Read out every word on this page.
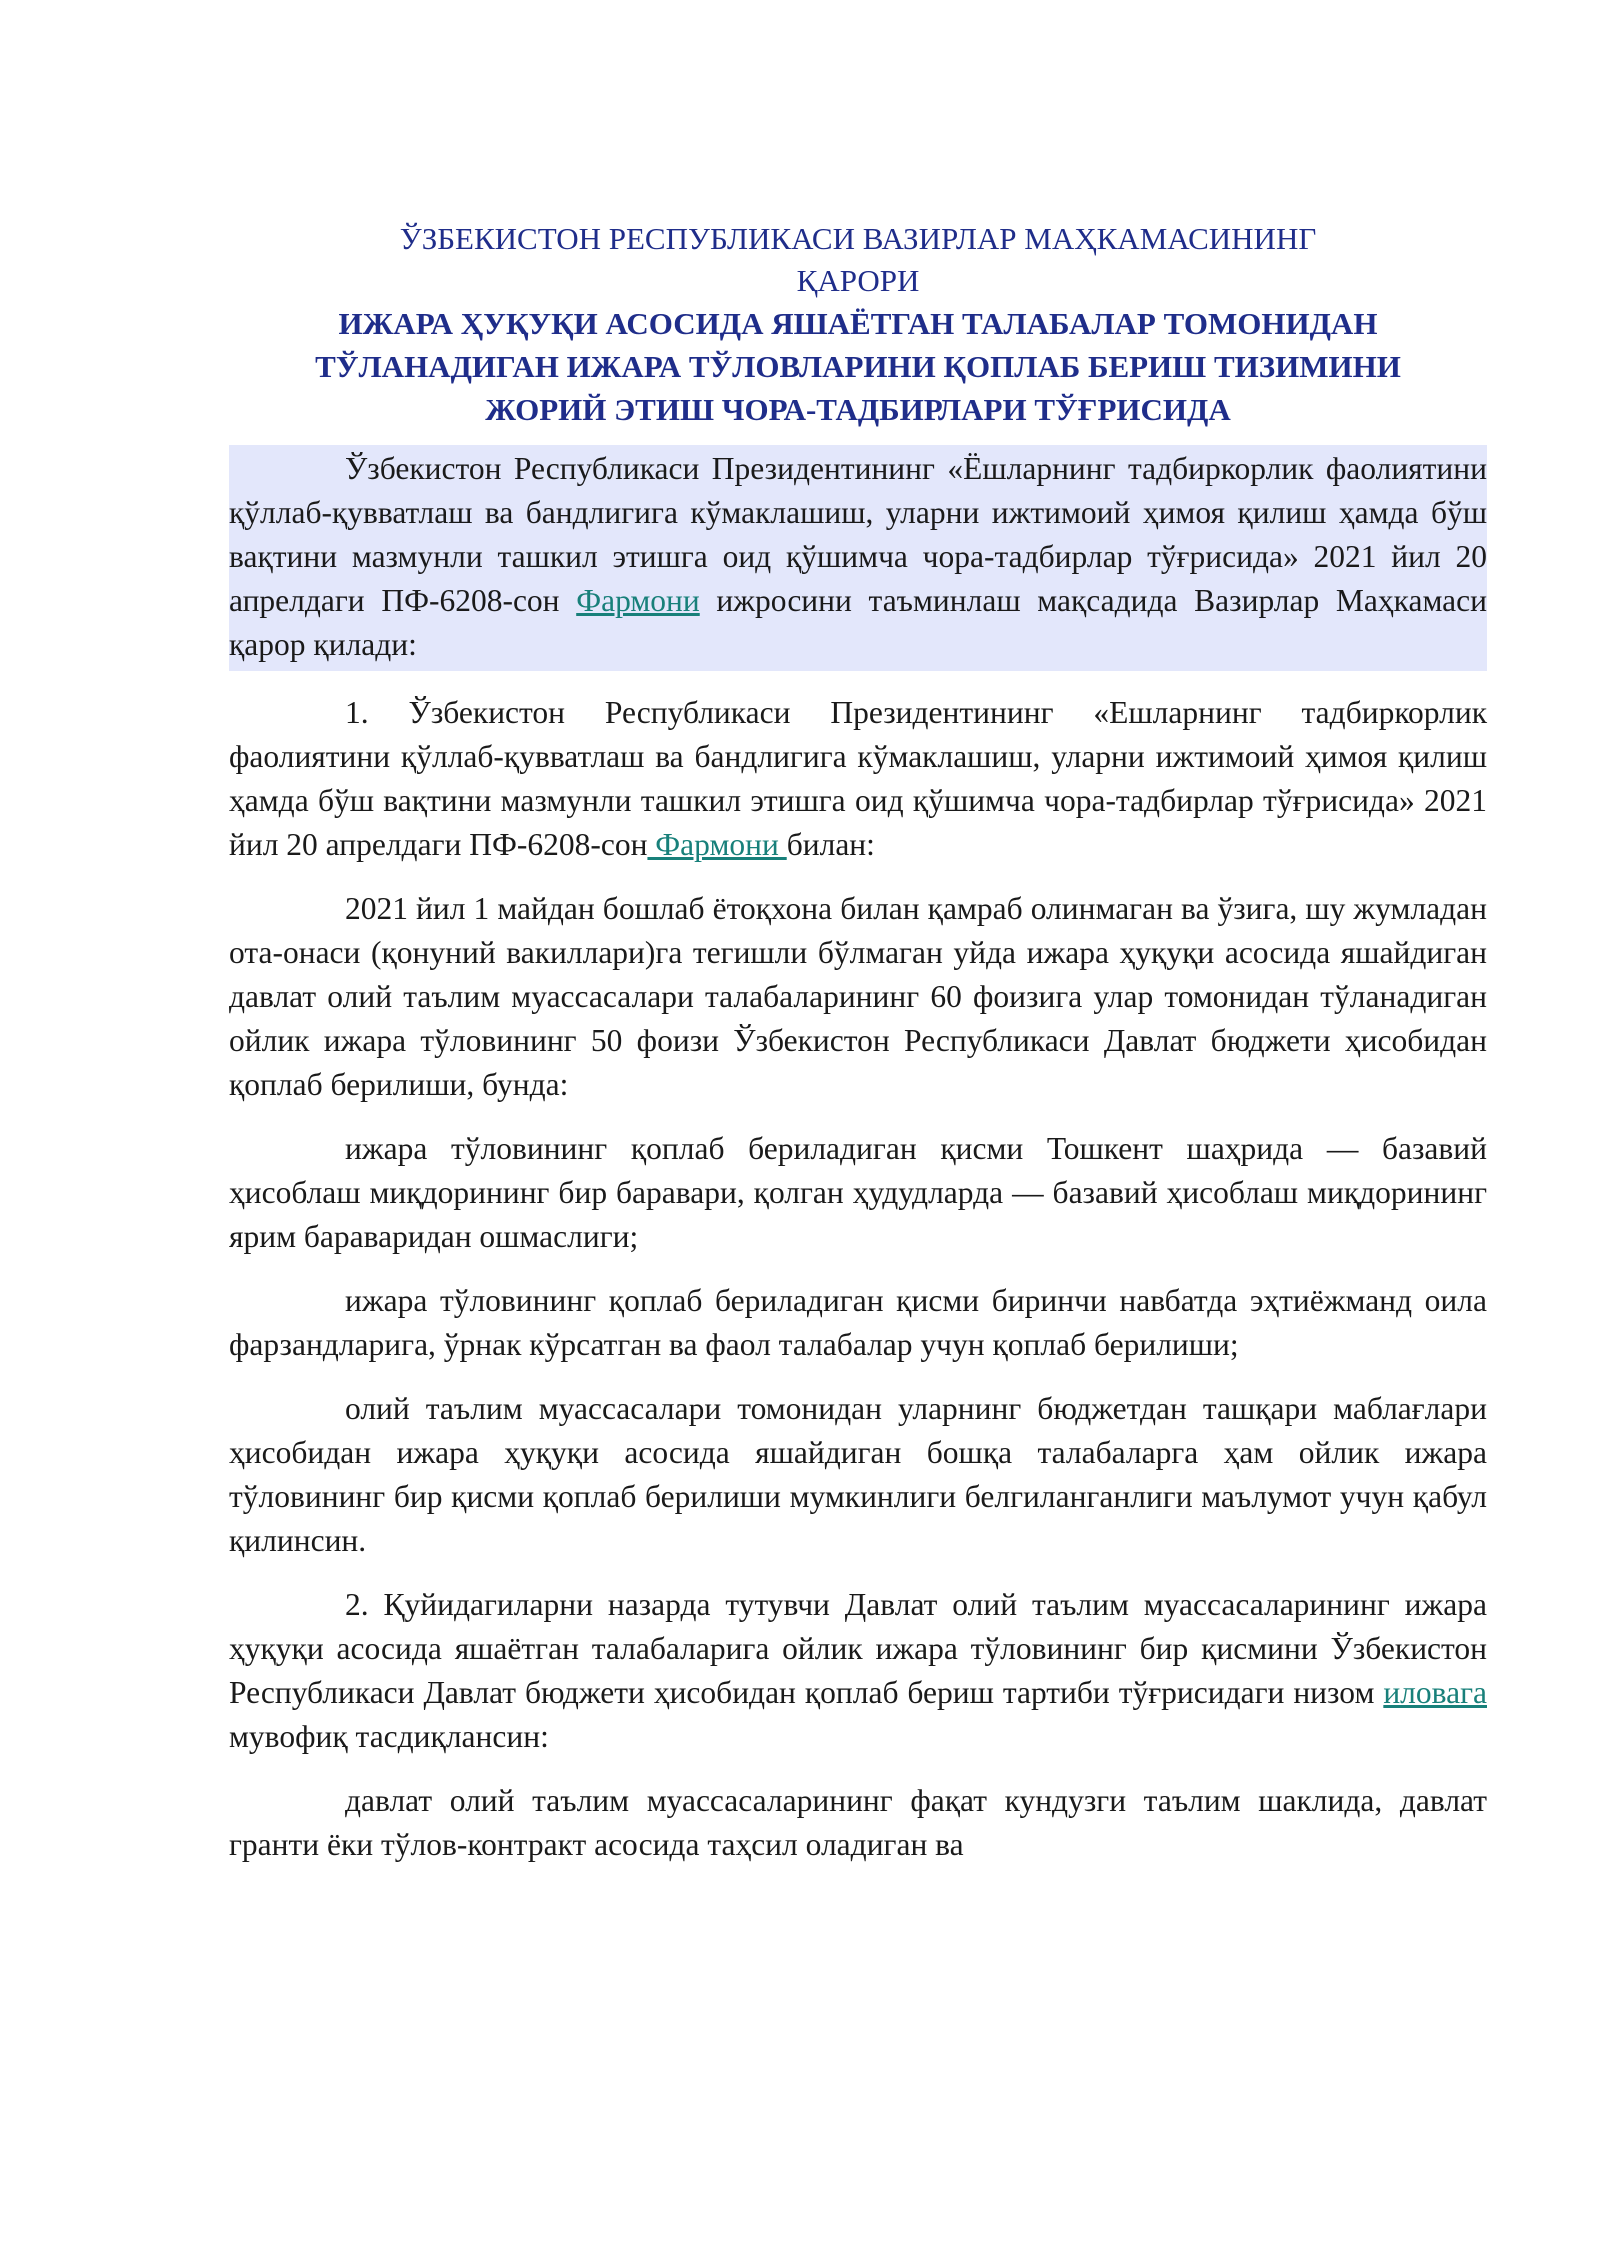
ЎЗБЕКИСТОН РЕСПУБЛИКАСИ ВАЗИРЛАР МАҲКАМАСИНИНГ
ҚАРОРИ

ИЖАРА ҲУҚУҚИ АСОСИДА ЯШАЁТГАН ТАЛАБАЛАР ТОМОНИДАН
ТЎЛАНАДИГАН ИЖАРА ТЎЛОВЛАРИНИ ҚОПЛАБ БЕРИШ ТИЗИМИНИ
ЖОРИЙ ЭТИШ ЧОРА-ТАДБИРЛАРИ ТЎҒРИСИДА

Ўзбекистон Республикаси Президентининг «Ёшларнинг тадбиркорлик фаолиятини қўллаб-қувватлаш ва бандлигига кўмаклашиш, уларни ижтимоий ҳимоя қилиш ҳамда бўш вақтини мазмунли ташкил этишга оид қўшимча чора-тадбирлар тўғрисида» 2021 йил 20 апрелдаги ПФ-6208-сон Фармони ижросини таъминлаш мақсадида Вазирлар Маҳкамаси қарор қилади:

1. Ўзбекистон Республикаси Президентининг «Ешларнинг тадбиркорлик фаолиятини қўллаб-қувватлаш ва бандлигига кўмаклашиш, уларни ижтимоий ҳимоя қилиш ҳамда бўш вақтини мазмунли ташкил этишга оид қўшимча чора-тадбирлар тўғрисида» 2021 йил 20 апрелдаги ПФ-6208-сон Фармони билан:

2021 йил 1 майдан бошлаб ётоқхона билан қамраб олинмаган ва ўзига, шу жумладан ота-онаси (қонуний вакиллари)га тегишли бўлмаган уйда ижара ҳуқуқи асосида яшайдиган давлат олий таълим муассасалари талабаларининг 60 фоизига улар томонидан тўланадиган ойлик ижара тўловининг 50 фоизи Ўзбекистон Республикаси Давлат бюджети ҳисобидан қоплаб берилиши, бунда:

ижара тўловининг қоплаб бериладиган қисми Тошкент шаҳрида — базавий ҳисоблаш миқдорининг бир баравари, қолган ҳудудларда — базавий ҳисоблаш миқдорининг ярим бараваридан ошмаслиги;

ижара тўловининг қоплаб бериладиган қисми биринчи навбатда эҳтиёжманд оила фарзандларига, ўрнак кўрсатган ва фаол талабалар учун қоплаб берилиши;

олий таълим муассасалари томонидан уларнинг бюджетдан ташқари маблағлари ҳисобидан ижара ҳуқуқи асосида яшайдиган бошқа талабаларга ҳам ойлик ижара тўловининг бир қисми қоплаб берилиши мумкинлиги белгиланганлиги маълумот учун қабул қилинсин.

2. Қуйидагиларни назарда тутувчи Давлат олий таълим муассасаларининг ижара ҳуқуқи асосида яшаётган талабаларига ойлик ижара тўловининг бир қисмини Ўзбекистон Республикаси Давлат бюджети ҳисобидан қоплаб бериш тартиби тўғрисидаги низом иловага мувофиқ тасдиқлансин:

давлат олий таълим муассасаларининг фақат кундузги таълим шаклида, давлат гранти ёки тўлов-контракт асосида таҳсил оладиган ва
